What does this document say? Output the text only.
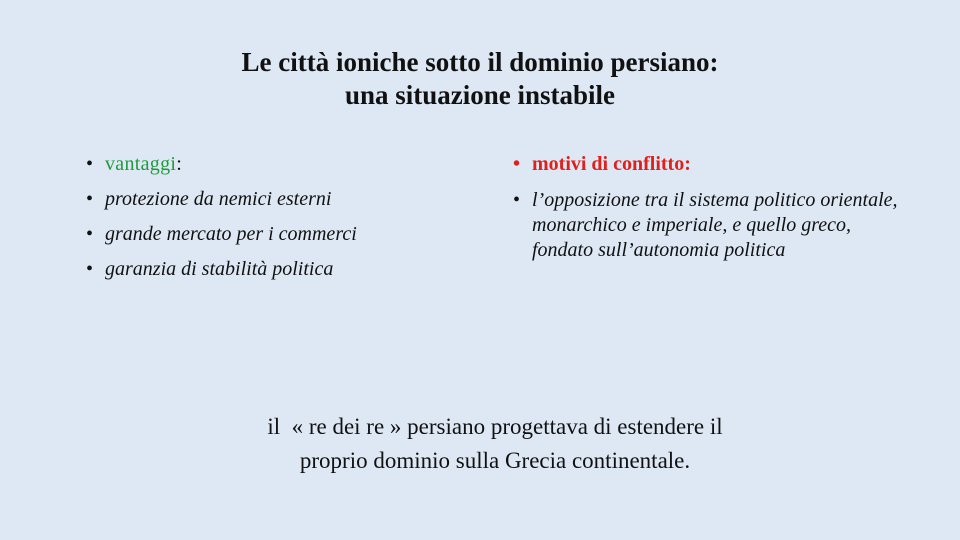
Le città ioniche sotto il dominio persiano:
una situazione instabile
• vantaggi:
• protezione da nemici esterni
• grande mercato per i commerci
• garanzia di stabilità politica
• motivi di conflitto:
• l’opposizione tra il sistema politico orientale, monarchico e imperiale, e quello greco, fondato sull’autonomia politica
il  « re dei re » persiano progettava di estendere il
proprio dominio sulla Grecia continentale.
